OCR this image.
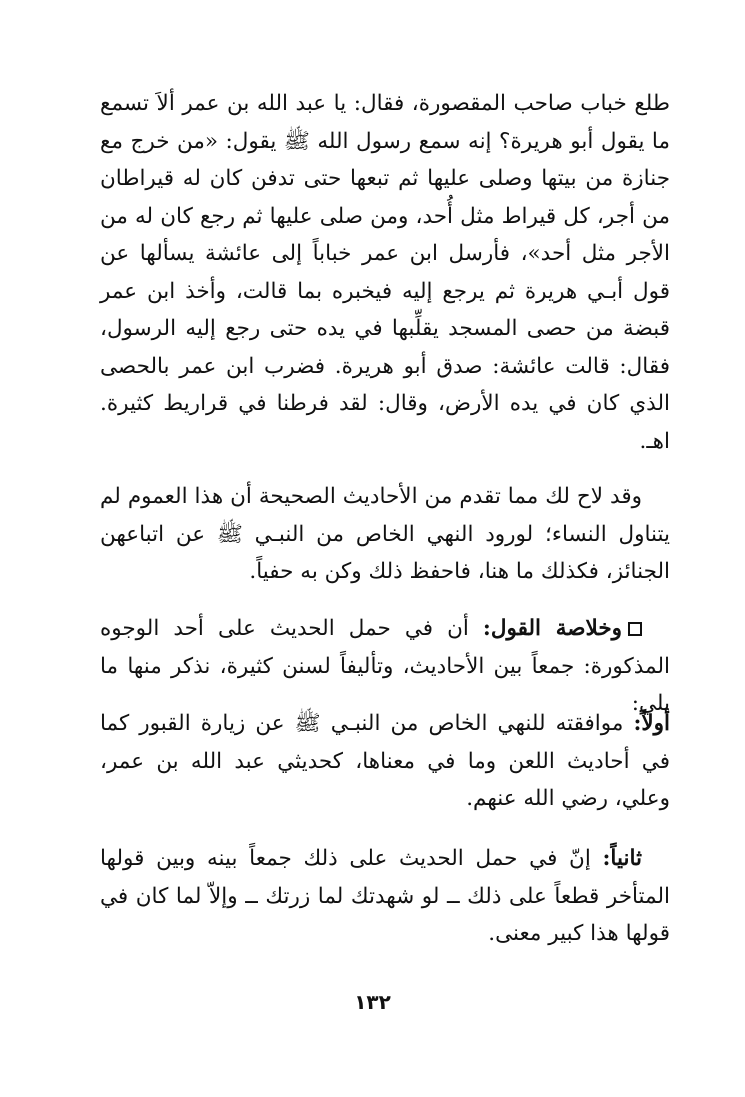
طلع خباب صاحب المقصورة، فقال: يا عبد الله بن عمر ألاَ تسمع ما يقول أبو هريرة؟ إنه سمع رسول الله ﷺ يقول: «من خرج مع جنازة من بيتها وصلى عليها ثم تبعها حتى تدفن كان له قيراطان من أجر، كل قيراط مثل أُحد، ومن صلى عليها ثم رجع كان له من الأجر مثل أحد»، فأرسل ابن عمر خباباً إلى عائشة يسألها عن قول أبـي هريرة ثم يرجع إليه فيخبره بما قالت، وأخذ ابن عمر قبضة من حصى المسجد يقلِّبها في يده حتى رجع إليه الرسول، فقال: قالت عائشة: صدق أبو هريرة. فضرب ابن عمر بالحصى الذي كان في يده الأرض، وقال: لقد فرطنا في قراريط كثيرة. اهـ.

وقد لاح لك مما تقدم من الأحاديث الصحيحة أن هذا العموم لم يتناول النساء؛ لورود النهي الخاص من النبـي ﷺ عن اتباعهن الجنائز، فكذلك ما هنا، فاحفظ ذلك وكن به حفياً.

وخلاصة القول: أن في حمل الحديث على أحد الوجوه المذكورة: جمعاً بين الأحاديث، وتأليفاً لسنن كثيرة، نذكر منها ما يلي:

أولاً: موافقته للنهي الخاص من النبـي ﷺ عن زيارة القبور كما في أحاديث اللعن وما في معناها، كحديثي عبد الله بن عمر، وعلي، رضي الله عنهم.

ثانياً: إنّ في حمل الحديث على ذلك جمعاً بينه وبين قولها المتأخر قطعاً على ذلك ــ لو شهدتك لما زرتك ــ وإلاّ لما كان في قولها هذا كبير معنى.

١٣٢
